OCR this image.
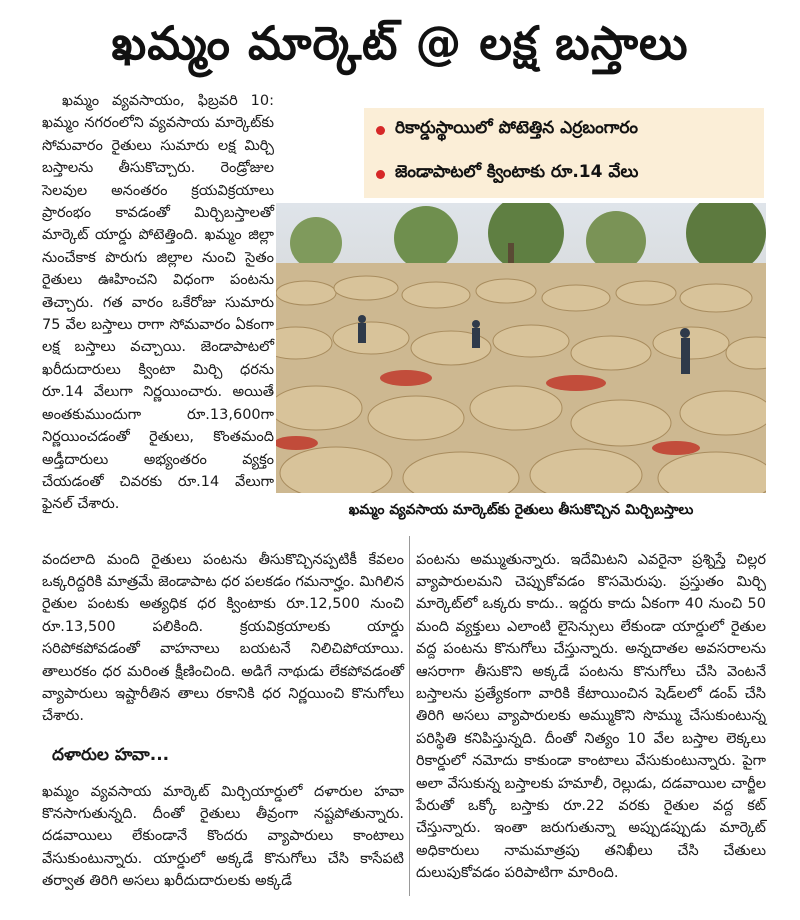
ఖమ్మం మార్కెట్ @ లక్ష బస్తాలు

ఖమ్మం వ్యవసాయం, ఫిబ్రవరి 10: ఖమ్మం నగరంలోని వ్యవసాయ మార్కెట్‌కు సోమవారం రైతులు సుమారు లక్ష మిర్చి బస్తాలను తీసుకొచ్చారు. రెండ్రోజుల సెలవుల అనంతరం క్రయవిక్రయాలు ప్రారంభం కావడంతో మిర్చిబస్తాలతో మార్కెట్ యార్డు పోటెత్తింది. ఖమ్మం జిల్లా నుంచేకాక పొరుగు జిల్లాల నుంచి సైతం రైతులు ఊహించని విధంగా పంటను తెచ్చారు. గత వారం ఒకేరోజు సుమారు 75 వేల బస్తాలు రాగా సోమవారం ఏకంగా లక్ష బస్తాలు వచ్చాయి. జెండాపాటలో ఖరీదుదారులు క్వింటా మిర్చి ధరను రూ.14 వేలుగా నిర్ణయించారు. అయితే అంతకుముందుగా రూ.13,600గా నిర్ణయించడంతో రైతులు, కొంతమంది అడ్తీదారులు అభ్యంతరం వ్యక్తం చేయడంతో చివరకు రూ.14 వేలుగా ఫైనల్ చేశారు.

రికార్డుస్థాయిలో పోటెత్తిన ఎర్రబంగారం
జెండాపాటలో క్వింటాకు రూ.14 వేలు
ఖమ్మం వ్యవసాయ మార్కెట్‌కు రైతులు తీసుకొచ్చిన మిర్చిబస్తాలు

వందలాది మంది రైతులు పంటను తీసుకొచ్చినప్పటికీ కేవలం ఒక్కరిద్దరికి మాత్రమే జెండాపాట ధర పలకడం గమనార్హం. మిగిలిన రైతుల పంటకు అత్యధిక ధర క్వింటాకు రూ.12,500 నుంచి రూ.13,500 పలికింది. క్రయవిక్రయాలకు యార్డు సరిపోకపోవడంతో వాహనాలు బయటనే నిలిచిపోయాయి. తాలురకం ధర మరింత క్షీణించింది. అడిగే నాథుడు లేకపోవడంతో వ్యాపారులు ఇష్టారీతిన తాలు రకానికి ధర నిర్ణయించి కొనుగోలు చేశారు.

దళారుల హవా...

ఖమ్మం వ్యవసాయ మార్కెట్ మిర్చియార్డులో దళారుల హవా కొనసాగుతున్నది. దీంతో రైతులు తీవ్రంగా నష్టపోతున్నారు. దడవాయిలు లేకుండానే కొందరు వ్యాపారులు కాంటాలు వేసుకుంటున్నారు. యార్డులో అక్కడే కొనుగోలు చేసి కాసేపటి తర్వాత తిరిగి అసలు ఖరీదుదారులకు అక్కడే

పంటను అమ్ముతున్నారు. ఇదేమిటని ఎవరైనా ప్రశ్నిస్తే చిల్లర వ్యాపారులమని చెప్పుకోవడం కొసమెరుపు. ప్రస్తుతం మిర్చి మార్కెట్‌లో ఒక్కరు కాదు.. ఇద్దరు కాదు ఏకంగా 40 నుంచి 50 మంది వ్యక్తులు ఎలాంటి లైసెన్సులు లేకుండా యార్డులో రైతుల వద్ద పంటను కొనుగోలు చేస్తున్నారు. అన్నదాతల అవసరాలను ఆసరాగా తీసుకొని అక్కడే పంటను కొనుగోలు చేసి వెంటనే బస్తాలను ప్రత్యేకంగా వారికి కేటాయించిన షెడ్‌లలో డంప్ చేసి తిరిగి అసలు వ్యాపారులకు అమ్ముకొని సొమ్ము చేసుకుంటున్న పరిస్థితి కనిపిస్తున్నది. దీంతో నిత్యం 10 వేల బస్తాల లెక్కలు రికార్డులో నమోదు కాకుండా కాంటాలు వేసుకుంటున్నారు. పైగా అలా వేసుకున్న బస్తాలకు హమాలీ, రెల్లుడు, దడవాయిల చార్జీల పేరుతో ఒక్కో బస్తాకు రూ.22 వరకు రైతుల వద్ద కట్ చేస్తున్నారు. ఇంతా జరుగుతున్నా అప్పుడప్పుడు మార్కెట్ అధికారులు నామమాత్రపు తనిఖీలు చేసి చేతులు దులుపుకోవడం పరిపాటిగా మారింది.
